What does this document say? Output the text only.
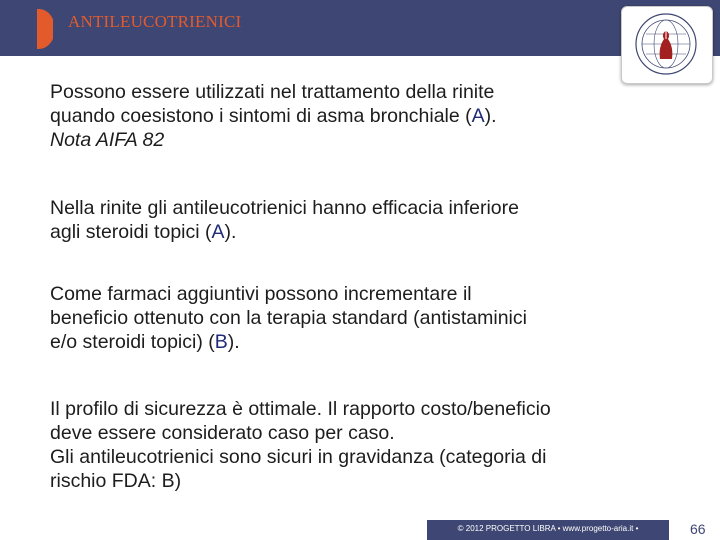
ANTILEUCOTRIENICI

Possono essere utilizzati nel trattamento della rinite
quando coesistono i sintomi di asma bronchiale (A).
Nota AIFA 82

Nella rinite gli antileucotrienici hanno efficacia inferiore
agli steroidi topici (A).

Come farmaci aggiuntivi possono incrementare il
beneficio ottenuto con la terapia standard (antistaminici
e/o steroidi topici) (B).

Il profilo di sicurezza è ottimale. Il rapporto costo/beneficio
deve essere considerato caso per caso.
Gli antileucotrienici sono sicuri in gravidanza (categoria di
rischio FDA: B)

© 2012 PROGETTO LIBRA • www.progetto-aria.it •	66
